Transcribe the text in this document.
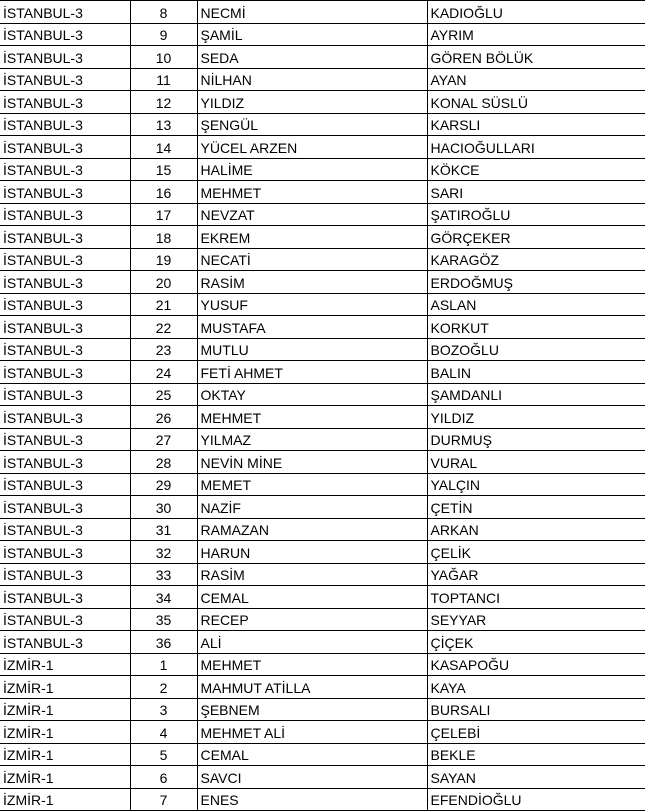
İSTANBUL-3	8	NECMİ	KADIOĞLU
İSTANBUL-3	9	ŞAMİL	AYRIM
İSTANBUL-3	10	SEDA	GÖREN BÖLÜK
İSTANBUL-3	11	NİLHAN	AYAN
İSTANBUL-3	12	YILDIZ	KONAL SÜSLÜ
İSTANBUL-3	13	ŞENGÜL	KARSLI
İSTANBUL-3	14	YÜCEL ARZEN	HACIOĞULLARI
İSTANBUL-3	15	HALİME	KÖKCE
İSTANBUL-3	16	MEHMET	SARI
İSTANBUL-3	17	NEVZAT	ŞATIROĞLU
İSTANBUL-3	18	EKREM	GÖRÇEKER
İSTANBUL-3	19	NECATİ	KARAGÖZ
İSTANBUL-3	20	RASİM	ERDOĞMUŞ
İSTANBUL-3	21	YUSUF	ASLAN
İSTANBUL-3	22	MUSTAFA	KORKUT
İSTANBUL-3	23	MUTLU	BOZOĞLU
İSTANBUL-3	24	FETİ AHMET	BALIN
İSTANBUL-3	25	OKTAY	ŞAMDANLI
İSTANBUL-3	26	MEHMET	YILDIZ
İSTANBUL-3	27	YILMAZ	DURMUŞ
İSTANBUL-3	28	NEVİN MİNE	VURAL
İSTANBUL-3	29	MEMET	YALÇIN
İSTANBUL-3	30	NAZİF	ÇETİN
İSTANBUL-3	31	RAMAZAN	ARKAN
İSTANBUL-3	32	HARUN	ÇELİK
İSTANBUL-3	33	RASİM	YAĞAR
İSTANBUL-3	34	CEMAL	TOPTANCI
İSTANBUL-3	35	RECEP	SEYYAR
İSTANBUL-3	36	ALİ	ÇİÇEK
İZMİR-1	1	MEHMET	KASAPOĞU
İZMİR-1	2	MAHMUT ATİLLA	KAYA
İZMİR-1	3	ŞEBNEM	BURSALI
İZMİR-1	4	MEHMET ALİ	ÇELEBİ
İZMİR-1	5	CEMAL	BEKLE
İZMİR-1	6	SAVCI	SAYAN
İZMİR-1	7	ENES	EFENDİOĞLU
